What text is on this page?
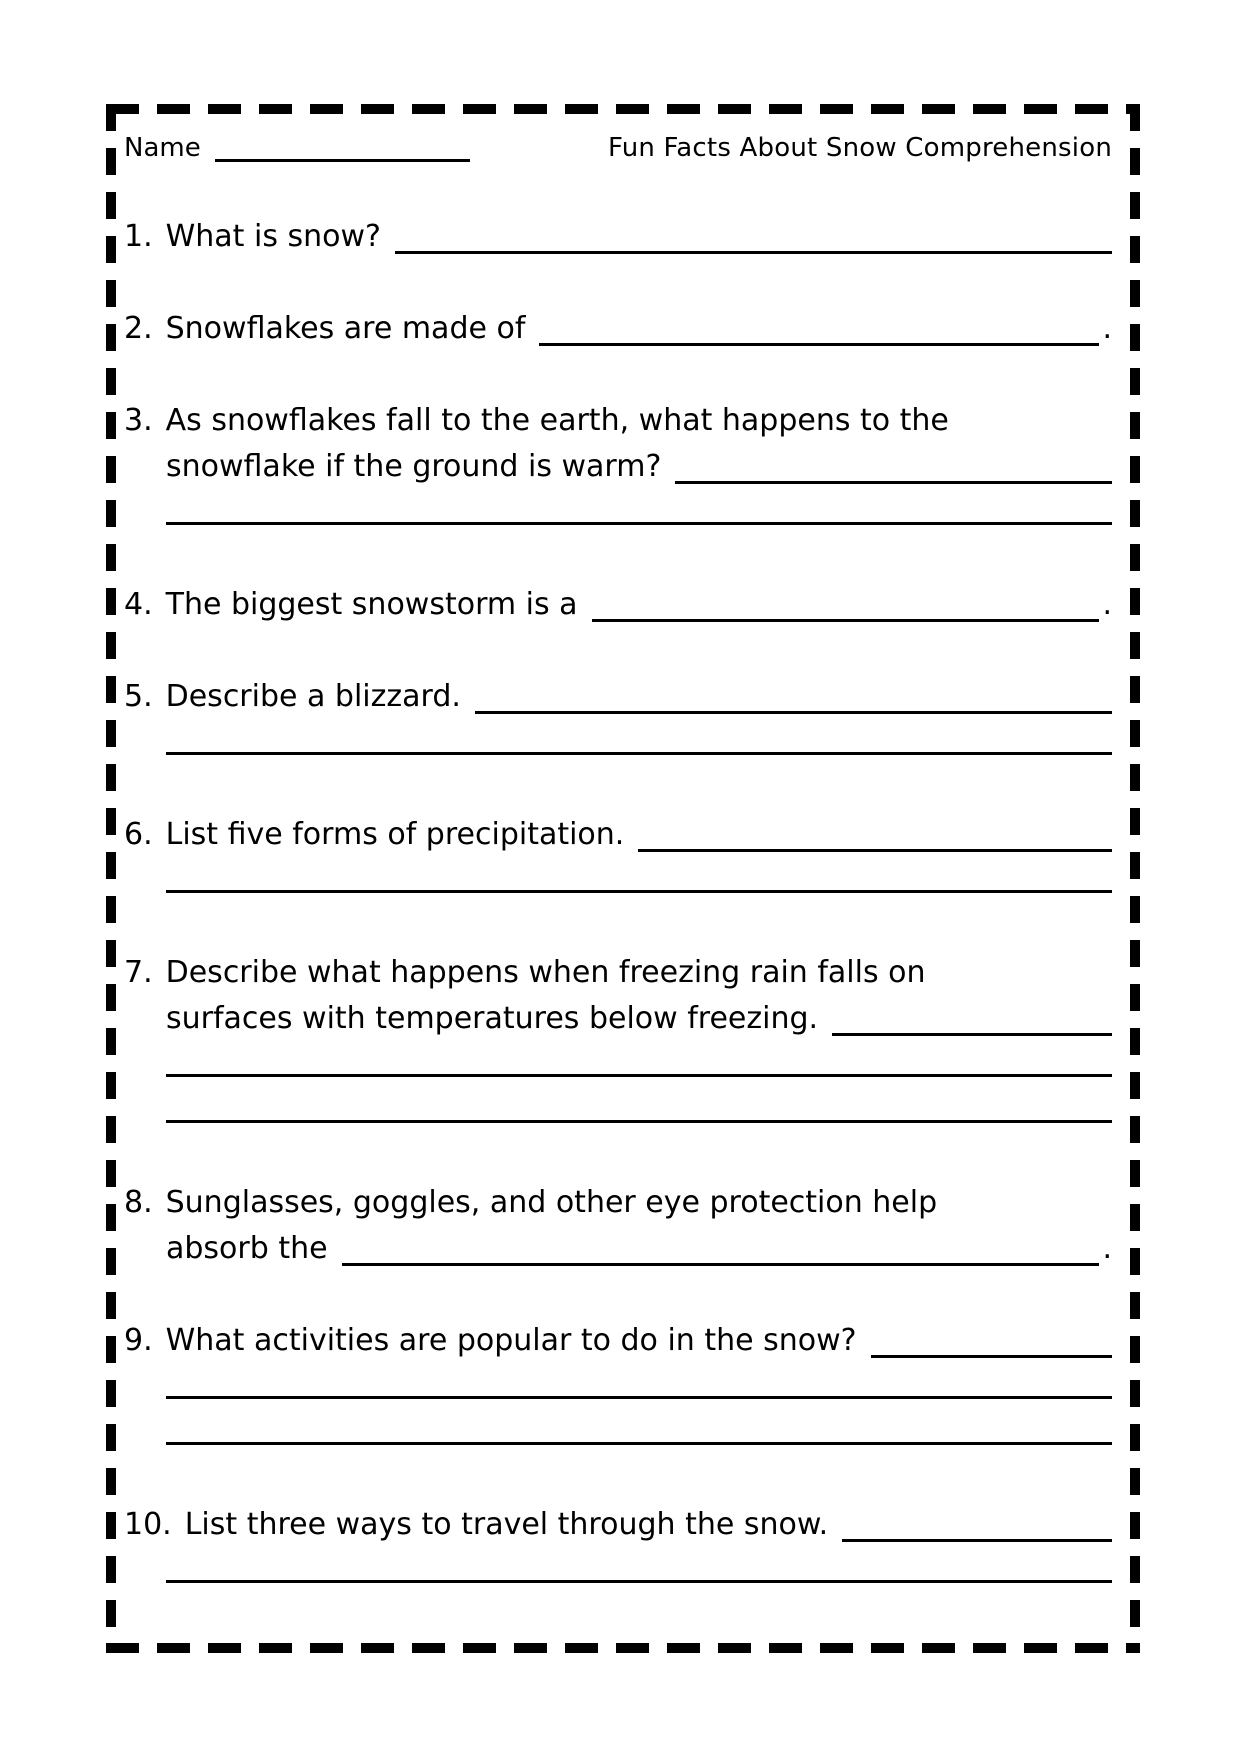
Name	Fun Facts About Snow Comprehension
1. What is snow?
2. Snowflakes are made of	.
3. As snowflakes fall to the earth, what happens to the
snowflake if the ground is warm?
4. The biggest snowstorm is a	.
5. Describe a blizzard.
6. List five forms of precipitation.
7. Describe what happens when freezing rain falls on
surfaces with temperatures below freezing.
8. Sunglasses, goggles, and other eye protection help
absorb the	.
9. What activities are popular to do in the snow?
10. List three ways to travel through the snow.
